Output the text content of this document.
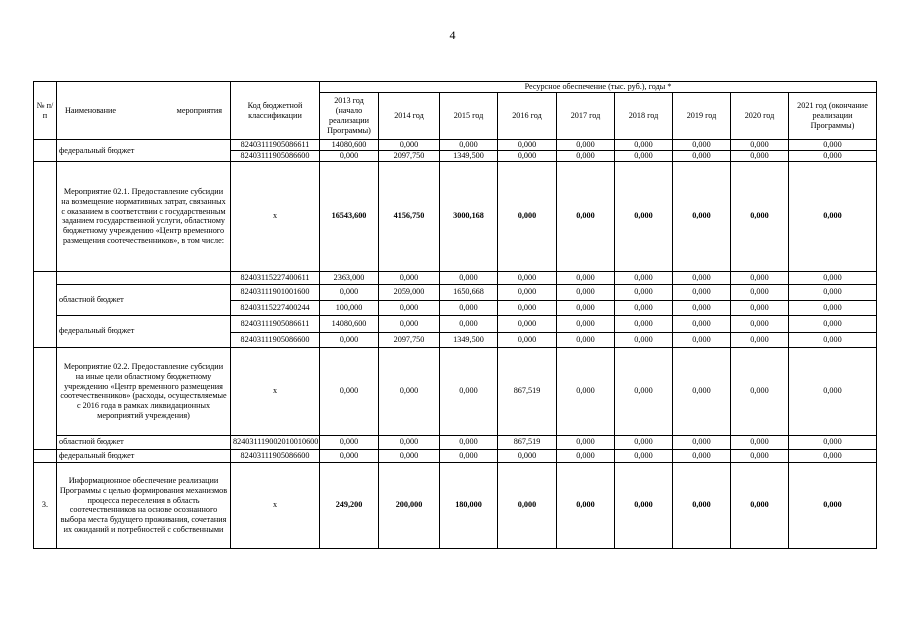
4
№ п/ п	Наименование мероприятия	Код бюджетной классификации	Ресурсное обеспечение (тыс. руб.), годы *								
			2013 год (начало реализации Программы)	2014 год	2015 год	2016 год	2017 год	2018 год	2019 год	2020 год	2021 год (окончание реализации Программы)
	федеральный бюджет	82403111905086611	14080,600	0,000	0,000	0,000	0,000	0,000	0,000	0,000	0,000
		82403111905086600	0,000	2097,750	1349,500	0,000	0,000	0,000	0,000	0,000	0,000
	Мероприятие 02.1. Предоставление субсидии на возмещение нормативных затрат, связанных с оказанием в соответствии с государственным заданием государственной услуги, областному бюджетному учреждению «Центр временного размещения соотечественников», в том числе:	х	16543,600	4156,750	3000,168	0,000	0,000	0,000	0,000	0,000	0,000
		82403115227400611	2363,000	0,000	0,000	0,000	0,000	0,000	0,000	0,000	0,000
	областной бюджет	82403111901001600	0,000	2059,000	1650,668	0,000	0,000	0,000	0,000	0,000	0,000
		82403115227400244	100,000	0,000	0,000	0,000	0,000	0,000	0,000	0,000	0,000
	федеральный бюджет	82403111905086611	14080,600	0,000	0,000	0,000	0,000	0,000	0,000	0,000	0,000
		82403111905086600	0,000	2097,750	1349,500	0,000	0,000	0,000	0,000	0,000	0,000
	Мероприятие 02.2. Предоставление субсидии на иные цели областному бюджетному учреждению «Центр временного размещения соотечественников» (расходы, осуществляемые с 2016 года в рамках ликвидационных мероприятий учреждения)	х	0,000	0,000	0,000	867,519	0,000	0,000	0,000	0,000	0,000
	областной бюджет	824031119002010010600	0,000	0,000	0,000	867,519	0,000	0,000	0,000	0,000	0,000
	федеральный бюджет	82403111905086600	0,000	0,000	0,000	0,000	0,000	0,000	0,000	0,000	0,000
3.	Информационное обеспечение реализации Программы с целью формирования механизмов процесса переселения в область соотечественников на основе осознанного выбора места будущего проживания, сочетания их ожиданий и потребностей с собственными	х	249,200	200,000	180,000	0,000	0,000	0,000	0,000	0,000	0,000
